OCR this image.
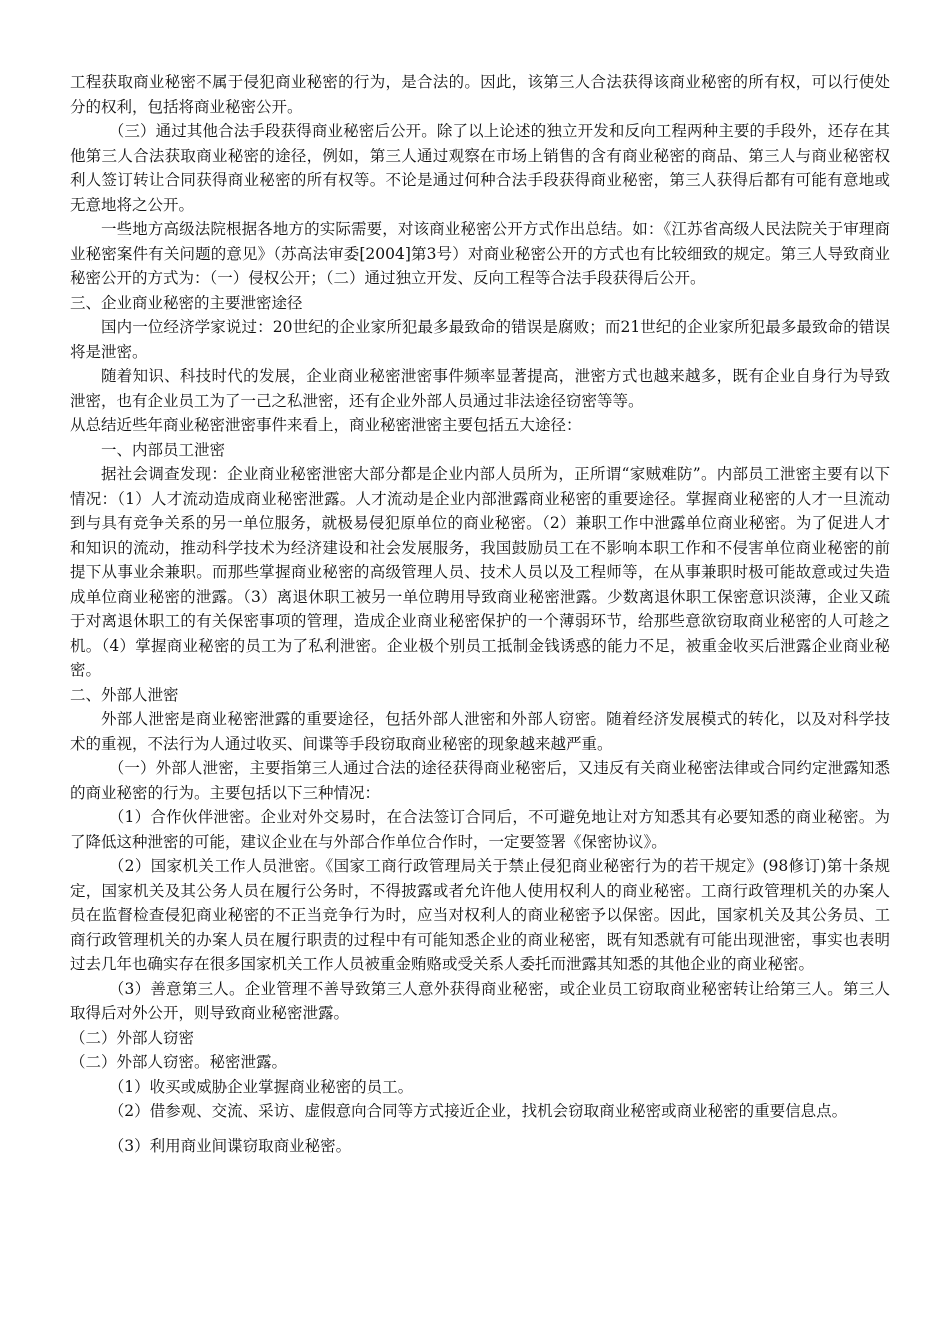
工程获取商业秘密不属于侵犯商业秘密的行为，是合法的。因此，该第三人合法获得该商业秘密的所有权，可以行使处分的权利，包括将商业秘密公开。

（三）通过其他合法手段获得商业秘密后公开。除了以上论述的独立开发和反向工程两种主要的手段外，还存在其他第三人合法获取商业秘密的途径，例如，第三人通过观察在市场上销售的含有商业秘密的商品、第三人与商业秘密权利人签订转让合同获得商业秘密的所有权等。不论是通过何种合法手段获得商业秘密，第三人获得后都有可能有意地或无意地将之公开。

一些地方高级法院根据各地方的实际需要，对该商业秘密公开方式作出总结。如：《江苏省高级人民法院关于审理商业秘密案件有关问题的意见》（苏高法审委[2004]第3号）对商业秘密公开的方式也有比较细致的规定。第三人导致商业秘密公开的方式为：（一）侵权公开；（二）通过独立开发、反向工程等合法手段获得后公开。

三、企业商业秘密的主要泄密途径

国内一位经济学家说过：20世纪的企业家所犯最多最致命的错误是腐败；而21世纪的企业家所犯最多最致命的错误将是泄密。

随着知识、科技时代的发展，企业商业秘密泄密事件频率显著提高，泄密方式也越来越多，既有企业自身行为导致泄密，也有企业员工为了一己之私泄密，还有企业外部人员通过非法途径窃密等等。

从总结近些年商业秘密泄密事件来看上，商业秘密泄密主要包括五大途径：

一、内部员工泄密

据社会调查发现：企业商业秘密泄密大部分都是企业内部人员所为，正所谓“家贼难防”。内部员工泄密主要有以下情况：（1）人才流动造成商业秘密泄露。人才流动是企业内部泄露商业秘密的重要途径。掌握商业秘密的人才一旦流动到与具有竞争关系的另一单位服务，就极易侵犯原单位的商业秘密。（2）兼职工作中泄露单位商业秘密。为了促进人才和知识的流动，推动科学技术为经济建设和社会发展服务，我国鼓励员工在不影响本职工作和不侵害单位商业秘密的前提下从事业余兼职。而那些掌握商业秘密的高级管理人员、技术人员以及工程师等，在从事兼职时极可能故意或过失造成单位商业秘密的泄露。（3）离退休职工被另一单位聘用导致商业秘密泄露。少数离退休职工保密意识淡薄，企业又疏于对离退休职工的有关保密事项的管理，造成企业商业秘密保护的一个薄弱环节，给那些意欲窃取商业秘密的人可趁之机。（4）掌握商业秘密的员工为了私利泄密。企业极个别员工抵制金钱诱惑的能力不足，被重金收买后泄露企业商业秘密。

二、外部人泄密

外部人泄密是商业秘密泄露的重要途径，包括外部人泄密和外部人窃密。随着经济发展模式的转化，以及对科学技术的重视，不法行为人通过收买、间谍等手段窃取商业秘密的现象越来越严重。

（一）外部人泄密，主要指第三人通过合法的途径获得商业秘密后，又违反有关商业秘密法律或合同约定泄露知悉的商业秘密的行为。主要包括以下三种情况：

（1）合作伙伴泄密。企业对外交易时，在合法签订合同后，不可避免地让对方知悉其有必要知悉的商业秘密。为了降低这种泄密的可能，建议企业在与外部合作单位合作时，一定要签署《保密协议》。

（2）国家机关工作人员泄密。《国家工商行政管理局关于禁止侵犯商业秘密行为的若干规定》(98修订)第十条规定，国家机关及其公务人员在履行公务时，不得披露或者允许他人使用权利人的商业秘密。工商行政管理机关的办案人员在监督检查侵犯商业秘密的不正当竞争行为时，应当对权利人的商业秘密予以保密。因此，国家机关及其公务员、工商行政管理机关的办案人员在履行职责的过程中有可能知悉企业的商业秘密，既有知悉就有可能出现泄密，事实也表明过去几年也确实存在很多国家机关工作人员被重金贿赂或受关系人委托而泄露其知悉的其他企业的商业秘密。

（3）善意第三人。企业管理不善导致第三人意外获得商业秘密，或企业员工窃取商业秘密转让给第三人。第三人取得后对外公开，则导致商业秘密泄露。

（二）外部人窃密

（二）外部人窃密。秘密泄露。

（1）收买或威胁企业掌握商业秘密的员工。

（2）借参观、交流、采访、虚假意向合同等方式接近企业，找机会窃取商业秘密或商业秘密的重要信息点。

（3）利用商业间谍窃取商业秘密。
